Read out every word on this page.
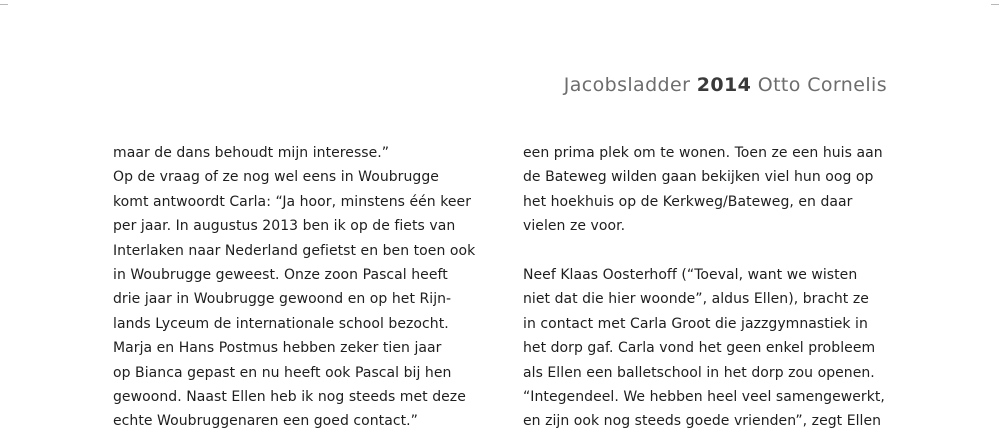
Jacobsladder 2014 Otto Cornelis
maar de dans behoudt mijn interesse.”
Op de vraag of ze nog wel eens in Woubrugge
komt antwoordt Carla: “Ja hoor, minstens één keer
per jaar. In augustus 2013 ben ik op de fiets van
Interlaken naar Nederland gefietst en ben toen ook
in Woubrugge geweest. Onze zoon Pascal heeft
drie jaar in Woubrugge gewoond en op het Rijn-
lands Lyceum de internationale school bezocht.
Marja en Hans Postmus hebben zeker tien jaar
op Bianca gepast en nu heeft ook Pascal bij hen
gewoond. Naast Ellen heb ik nog steeds met deze
echte Woubruggenaren een goed contact.”
een prima plek om te wonen. Toen ze een huis aan
de Bateweg wilden gaan bekijken viel hun oog op
het hoekhuis op de Kerkweg/Bateweg, en daar
vielen ze voor.
Neef Klaas Oosterhoff (“Toeval, want we wisten
niet dat die hier woonde”, aldus Ellen), bracht ze
in contact met Carla Groot die jazzgymnastiek in
het dorp gaf. Carla vond het geen enkel probleem
als Ellen een balletschool in het dorp zou openen.
“Integendeel. We hebben heel veel samengewerkt,
en zijn ook nog steeds goede vrienden”, zegt Ellen
